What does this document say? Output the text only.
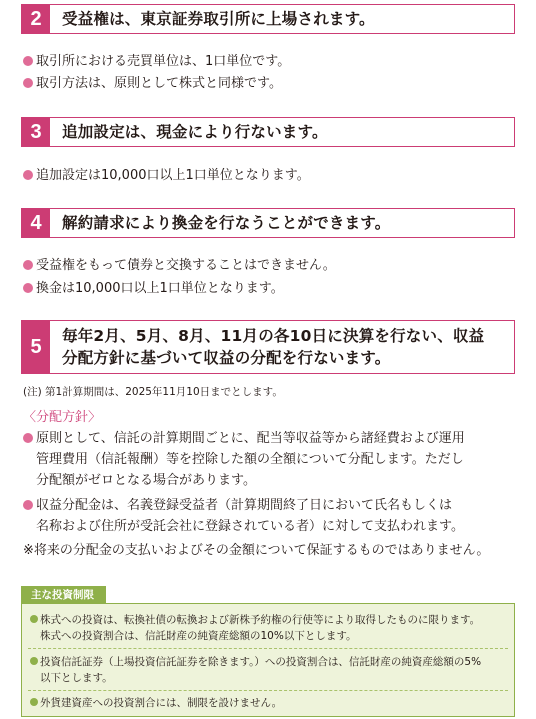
2	受益権は、東京証券取引所に上場されます。
取引所における売買単位は、1口単位です。
取引方法は、原則として株式と同様です。
3	追加設定は、現金により行ないます。
追加設定は10,000口以上1口単位となります。
4	解約請求により換金を行なうことができます。
受益権をもって債券と交換することはできません。
換金は10,000口以上1口単位となります。
5	毎年2月、5月、8月、11月の各10日に決算を行ない、収益
分配方針に基づいて収益の分配を行ないます。
(注) 第1計算期間は、2025年11月10日までとします。
〈分配方針〉
原則として、信託の計算期間ごとに、配当等収益等から諸経費および運用
管理費用（信託報酬）等を控除した額の全額について分配します。ただし
分配額がゼロとなる場合があります。
収益分配金は、名義登録受益者（計算期間終了日において氏名もしくは
名称および住所が受託会社に登録されている者）に対して支払われます。
※将来の分配金の支払いおよびその金額について保証するものではありません。
株式への投資は、転換社債の転換および新株予約権の行使等により取得したものに限ります。
株式への投資割合は、信託財産の純資産総額の10%以下とします。
投資信託証券（上場投資信託証券を除きます。）への投資割合は、信託財産の純資産総額の5%
以下とします。
外貨建資産への投資割合には、制限を設けません。
主な投資制限
